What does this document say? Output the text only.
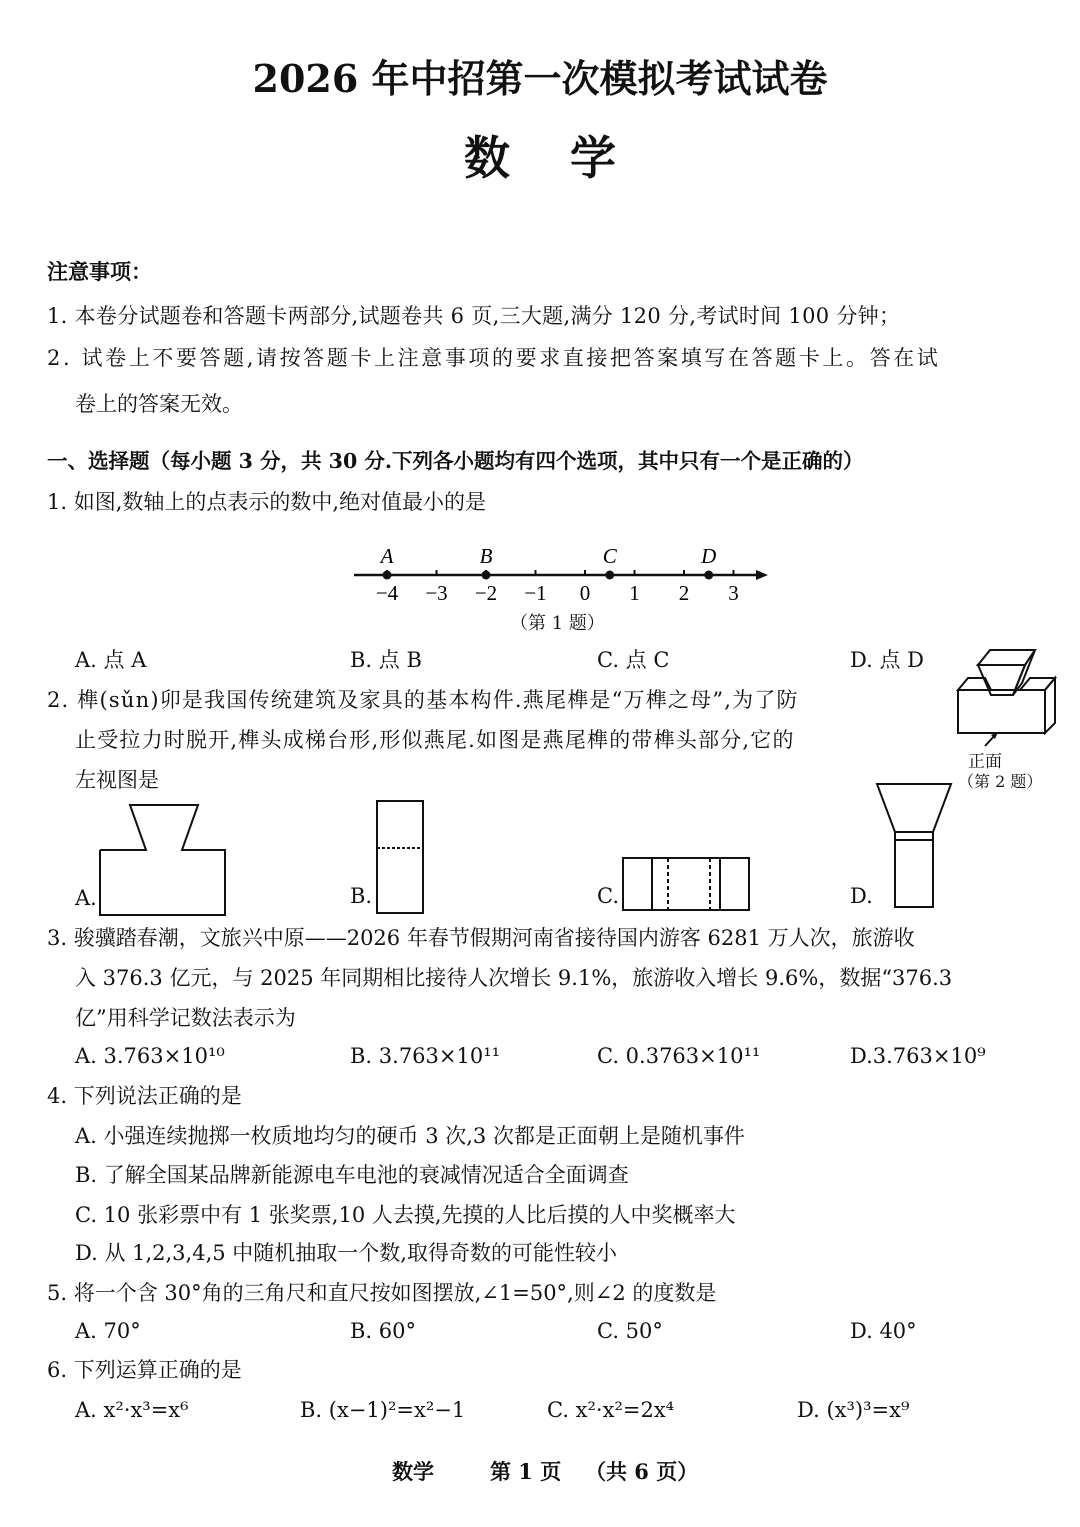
2026 年中招第一次模拟考试试卷
数学
注意事项：
1. 本卷分试题卷和答题卡两部分,试题卷共 6 页,三大题,满分 120 分,考试时间 100 分钟；
2. 试卷上不要答题,请按答题卡上注意事项的要求直接把答案填写在答题卡上。答在试
卷上的答案无效。
一、选择题（每小题 3 分，共 30 分.下列各小题均有四个选项，其中只有一个是正确的）
1. 如图,数轴上的点表示的数中,绝对值最小的是
−4 −3 −2 −1 0 1 2 3
A	B	C	D
（第 1 题）
A. 点 A	B. 点 B	C. 点 C	D. 点 D
2. 榫(sǔn)卯是我国传统建筑及家具的基本构件.燕尾榫是“万榫之母”,为了防
止受拉力时脱开,榫头成梯台形,形似燕尾.如图是燕尾榫的带榫头部分,它的
左视图是
正面
（第 2 题）
A.	B.	C.	D.
3. 骏骥踏春潮，文旅兴中原——2026 年春节假期河南省接待国内游客 6281 万人次，旅游收
入 376.3 亿元，与 2025 年同期相比接待人次增长 9.1%，旅游收入增长 9.6%，数据“376.3
亿”用科学记数法表示为
A. 3.763×10¹⁰	B. 3.763×10¹¹	C. 0.3763×10¹¹	D.3.763×10⁹
4. 下列说法正确的是
A. 小强连续抛掷一枚质地均匀的硬币 3 次,3 次都是正面朝上是随机事件
B. 了解全国某品牌新能源电车电池的衰减情况适合全面调查
C. 10 张彩票中有 1 张奖票,10 人去摸,先摸的人比后摸的人中奖概率大
D. 从 1,2,3,4,5 中随机抽取一个数,取得奇数的可能性较小
5. 将一个含 30°角的三角尺和直尺按如图摆放,∠1=50°,则∠2 的度数是
A. 70°	B. 60°	C. 50°	D. 40°
6. 下列运算正确的是
A. x²·x³=x⁶	B. (x−1)²=x²−1	C. x²·x²=2x⁴	D. (x³)³=x⁹
数学	第 1 页 （共 6 页）
